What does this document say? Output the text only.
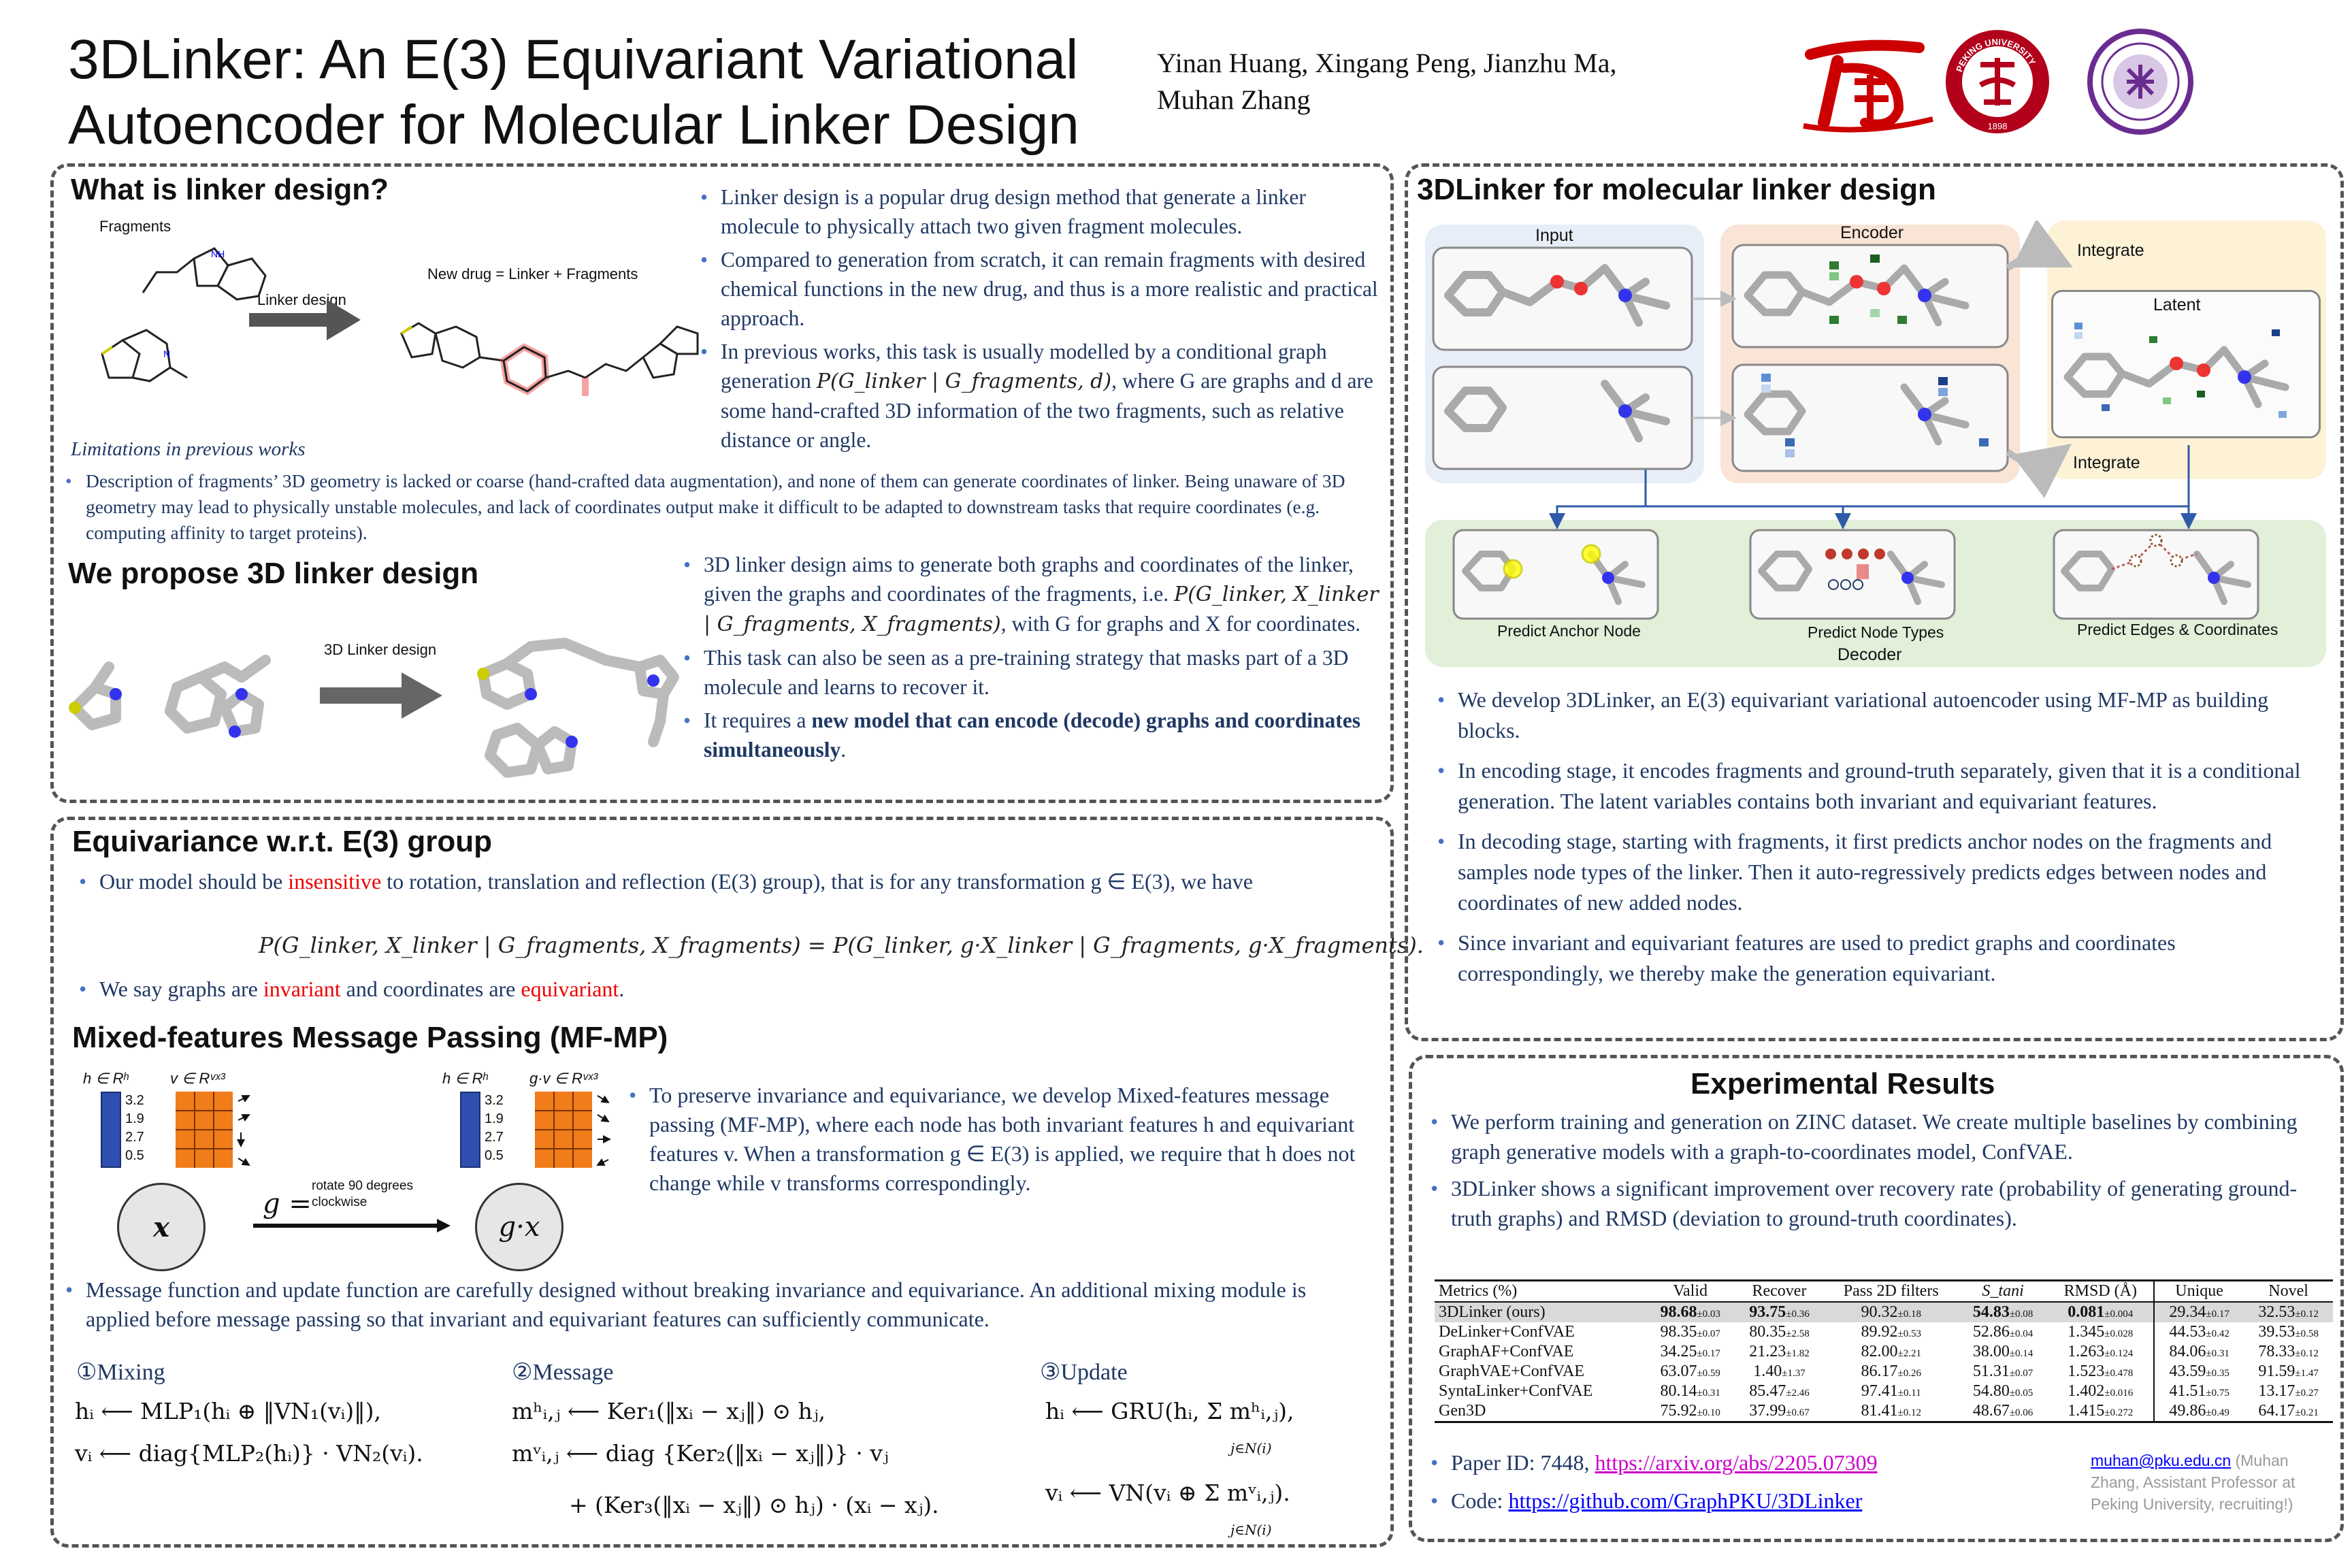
3DLinker: An E(3) Equivariant Variational
Autoencoder for Molecular Linker Design
Yinan Huang, Xingang Peng, Jianzhu Ma,
Muhan Zhang
PEKING UNIVERSITY
1898
What is linker design?
Fragments
Linker design
New drug = Linker + Fragments
NH
N
• Linker design is a popular drug design method that generate a linker molecule to physically attach two given fragment molecules.
• Compared to generation from scratch, it can remain fragments with desired chemical functions in the new drug, and thus is a more realistic and practical approach.
• In previous works, this task is usually modelled by a conditional graph generation P(G_linker | G_fragments, d), where G are graphs and d are some hand-crafted 3D information of the two fragments, such as relative distance or angle.
Limitations in previous works
• Description of fragments’ 3D geometry is lacked or coarse (hand-crafted data augmentation), and none of them can generate coordinates of linker. Being unaware of 3D geometry may lead to physically unstable molecules, and lack of coordinates output make it difficult to be adapted to downstream tasks that require coordinates (e.g. computing affinity to target proteins).
We propose 3D linker design
3D Linker design
• 3D linker design aims to generate both graphs and coordinates of the linker, given the graphs and coordinates of the fragments, i.e. P(G_linker, X_linker | G_fragments, X_fragments), with G for graphs and X for coordinates.
• This task can also be seen as a pre-training strategy that masks part of a 3D molecule and learns to recover it.
• It requires a new model that can encode (decode) graphs and coordinates simultaneously.
Equivariance w.r.t. E(3) group
• Our model should be insensitive to rotation, translation and reflection (E(3) group), that is for any transformation g ∈ E(3), we have
P(G_linker, X_linker | G_fragments, X_fragments) = P(G_linker, g·X_linker | G_fragments, g·X_fragments).
• We say graphs are invariant and coordinates are equivariant.
Mixed-features Message Passing (MF-MP)
h ∈ Rʰ	v ∈ Rᵛˣ³	h ∈ Rʰ	g·v ∈ Rᵛˣ³
3.2
1.9
2.7
0.5
3.2
1.9
2.7
0.5
x	g·x
g =
rotate 90 degrees
clockwise
• To preserve invariance and equivariance, we develop Mixed-features message passing (MF-MP), where each node has both invariant features h and equivariant features v. When a transformation g ∈ E(3) is applied, we require that h does not change while v transforms correspondingly.
• Message function and update function are carefully designed without breaking invariance and equivariance. An additional mixing module is applied before message passing so that invariant and equivariant features can sufficiently communicate.
①Mixing
hᵢ ⟵ MLP₁(hᵢ ⊕ ‖VN₁(vᵢ)‖),
vᵢ ⟵ diag{MLP₂(hᵢ)} · VN₂(vᵢ).
②Message
mʰᵢ,ⱼ ⟵ Ker₁(‖xᵢ − xⱼ‖) ⊙ hⱼ,
mᵛᵢ,ⱼ ⟵ diag {Ker₂(‖xᵢ − xⱼ‖)} · vⱼ
+ (Ker₃(‖xᵢ − xⱼ‖) ⊙ hⱼ) · (xᵢ − xⱼ).
③Update
hᵢ ⟵ GRU(hᵢ, Σ mʰᵢ,ⱼ),
j∈N(i)
vᵢ ⟵ VN(vᵢ ⊕ Σ mᵛᵢ,ⱼ).
j∈N(i)
3DLinker for molecular linker design
Input	Encoder
Integrate
Integrate
Latent
Decoder
Predict Anchor Node	Predict Node Types	Predict Edges & Coordinates
• We develop 3DLinker, an E(3) equivariant variational autoencoder using MF-MP as building blocks.
• In encoding stage, it encodes fragments and ground-truth separately, given that it is a conditional generation. The latent variables contains both invariant and equivariant features.
• In decoding stage, starting with fragments, it first predicts anchor nodes on the fragments and samples node types of the linker. Then it auto-regressively predicts edges between nodes and coordinates of new added nodes.
• Since invariant and equivariant features are used to predict graphs and coordinates correspondingly, we thereby make the generation equivariant.
Experimental Results
• We perform training and generation on ZINC dataset. We create multiple baselines by combining graph generative models with a graph-to-coordinates model, ConfVAE.
• 3DLinker shows a significant improvement over recovery rate (probability of generating ground-truth graphs) and RMSD (deviation to ground-truth coordinates).
Metrics (%)	Valid	Recover	Pass 2D filters	S_tani	RMSD (Å)	Unique	Novel
3DLinker (ours)	98.68±0.03	93.75±0.36	90.32±0.18	54.83±0.08	0.081±0.004	29.34±0.17	32.53±0.12
DeLinker+ConfVAE	98.35±0.07	80.35±2.58	89.92±0.53	52.86±0.04	1.345±0.028	44.53±0.42	39.53±0.58
GraphAF+ConfVAE	34.25±0.17	21.23±1.82	82.00±2.21	38.00±0.14	1.263±0.124	84.06±0.31	78.33±0.12
GraphVAE+ConfVAE	63.07±0.59	1.40±1.37	86.17±0.26	51.31±0.07	1.523±0.478	43.59±0.35	91.59±1.47
SyntaLinker+ConfVAE	80.14±0.31	85.47±2.46	97.41±0.11	54.80±0.05	1.402±0.016	41.51±0.75	13.17±0.27
Gen3D	75.92±0.10	37.99±0.67	81.41±0.12	48.67±0.06	1.415±0.272	49.86±0.49	64.17±0.21
• Paper ID: 7448, https://arxiv.org/abs/2205.07309
• Code: https://github.com/GraphPKU/3DLinker
muhan@pku.edu.cn (Muhan Zhang, Assistant Professor at Peking University, recruiting!)
